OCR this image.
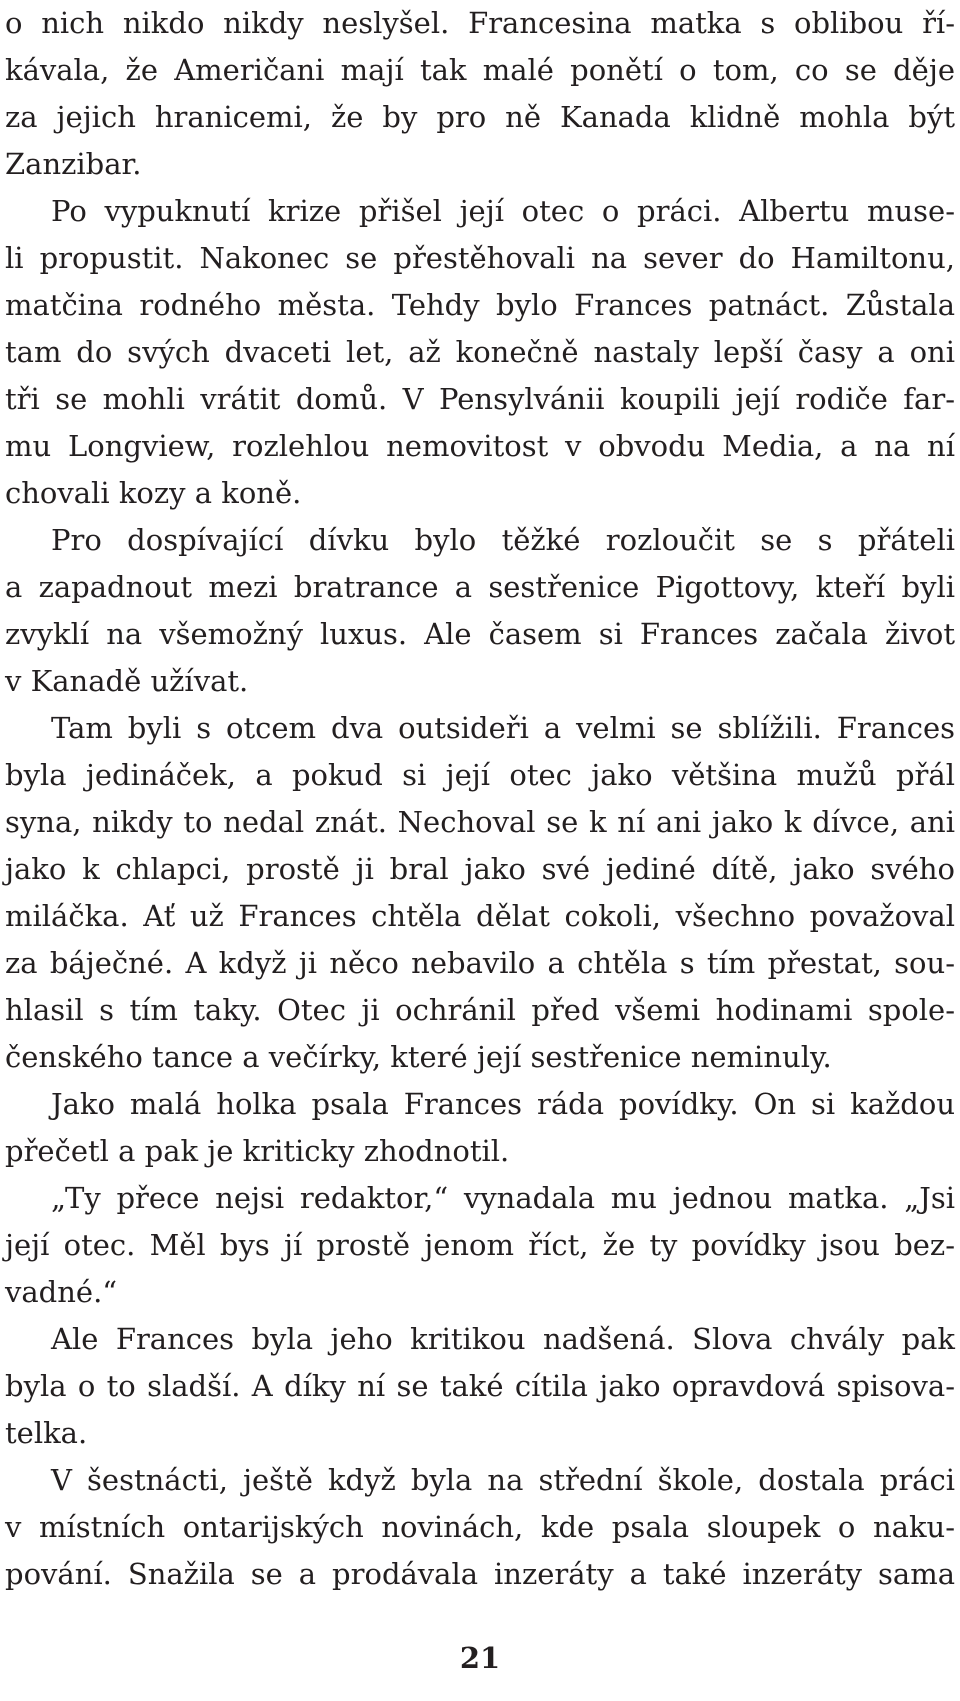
o nich nikdo nikdy neslyšel. Francesina matka s oblibou ří-
kávala, že Američani mají tak malé ponětí o tom, co se děje
za jejich hranicemi, že by pro ně Kanada klidně mohla být
Zanzibar.
Po vypuknutí krize přišel její otec o práci. Albertu muse-
li propustit. Nakonec se přestěhovali na sever do Hamiltonu,
matčina rodného města. Tehdy bylo Frances patnáct. Zůstala
tam do svých dvaceti let, až konečně nastaly lepší časy a oni
tři se mohli vrátit domů. V Pensylvánii koupili její rodiče far-
mu Longview, rozlehlou nemovitost v obvodu Media, a na ní
chovali kozy a koně.
Pro dospívající dívku bylo těžké rozloučit se s přáteli
a zapadnout mezi bratrance a sestřenice Pigottovy, kteří byli
zvyklí na všemožný luxus. Ale časem si Frances začala život
v Kanadě užívat.
Tam byli s otcem dva outsideři a velmi se sblížili. Frances
byla jedináček, a pokud si její otec jako většina mužů přál
syna, nikdy to nedal znát. Nechoval se k ní ani jako k dívce, ani
jako k chlapci, prostě ji bral jako své jediné dítě, jako svého
miláčka. Ať už Frances chtěla dělat cokoli, všechno považoval
za báječné. A když ji něco nebavilo a chtěla s tím přestat, sou-
hlasil s tím taky. Otec ji ochránil před všemi hodinami spole-
čenského tance a večírky, které její sestřenice neminuly.
Jako malá holka psala Frances ráda povídky. On si každou
přečetl a pak je kriticky zhodnotil.
„Ty přece nejsi redaktor,“ vynadala mu jednou matka. „Jsi
její otec. Měl bys jí prostě jenom říct, že ty povídky jsou bez-
vadné.“
Ale Frances byla jeho kritikou nadšená. Slova chvály pak
byla o to sladší. A díky ní se také cítila jako opravdová spisova-
telka.
V šestnácti, ještě když byla na střední škole, dostala práci
v místních ontarijských novinách, kde psala sloupek o naku-
pování. Snažila se a prodávala inzeráty a také inzeráty sama
21
